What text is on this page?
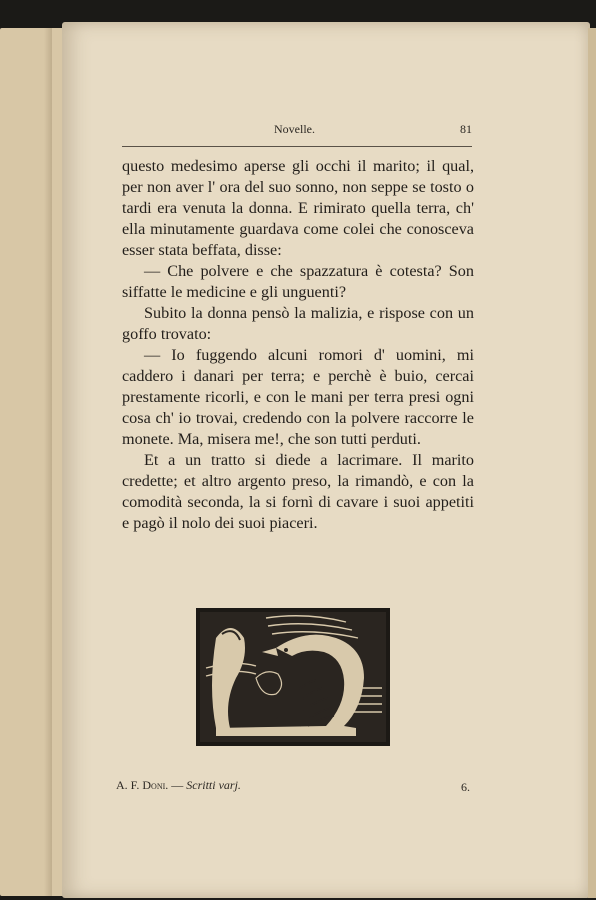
Novelle.	81

questo medesimo aperse gli occhi il marito; il qual, per non aver l' ora del suo sonno, non seppe se tosto o tardi era venuta la donna. E rimirato quella terra, ch' ella minutamente guardava come colei che conosceva esser stata beffata, disse:

— Che polvere e che spazzatura è cotesta? Son siffatte le medicine e gli unguenti?

Subito la donna pensò la malizia, e rispose con un goffo trovato:

— Io fuggendo alcuni romori d' uomini, mi caddero i danari per terra; e perchè è buio, cercai prestamente ricorli, e con le mani per terra presi ogni cosa ch' io trovai, credendo con la polvere raccorre le monete. Ma, misera me!, che son tutti perduti.

Et a un tratto si diede a lacrimare. Il marito credette; et altro argento preso, la rimandò, e con la comodità seconda, la si fornì di cavare i suoi appetiti e pagò il nolo dei suoi piaceri.

A. F. Doni. — Scritti varj.	6.
